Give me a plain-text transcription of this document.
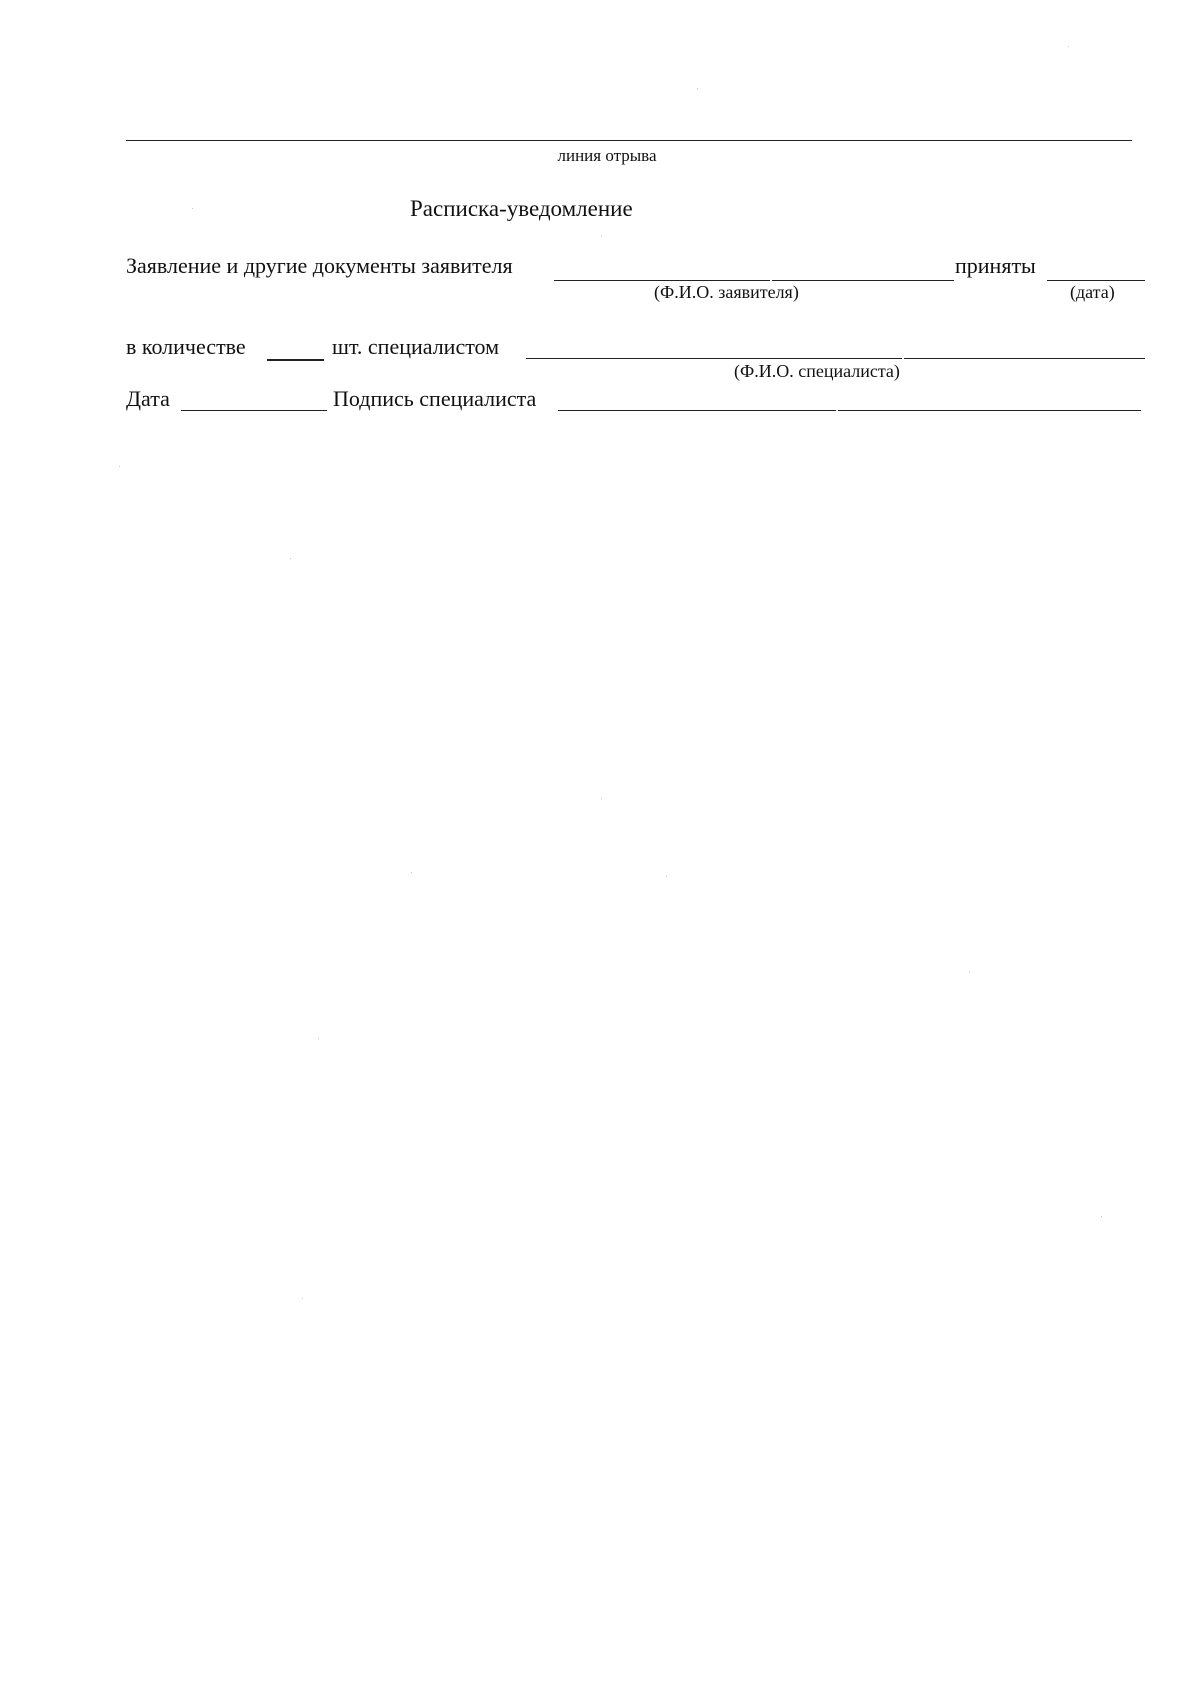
линия отрыва
Расписка-уведомление
Заявление и другие документы заявителя	приняты
(Ф.И.О. заявителя)	(дата)
в количестве	шт. специалистом
(Ф.И.О. специалиста)
Дата	Подпись специалиста
